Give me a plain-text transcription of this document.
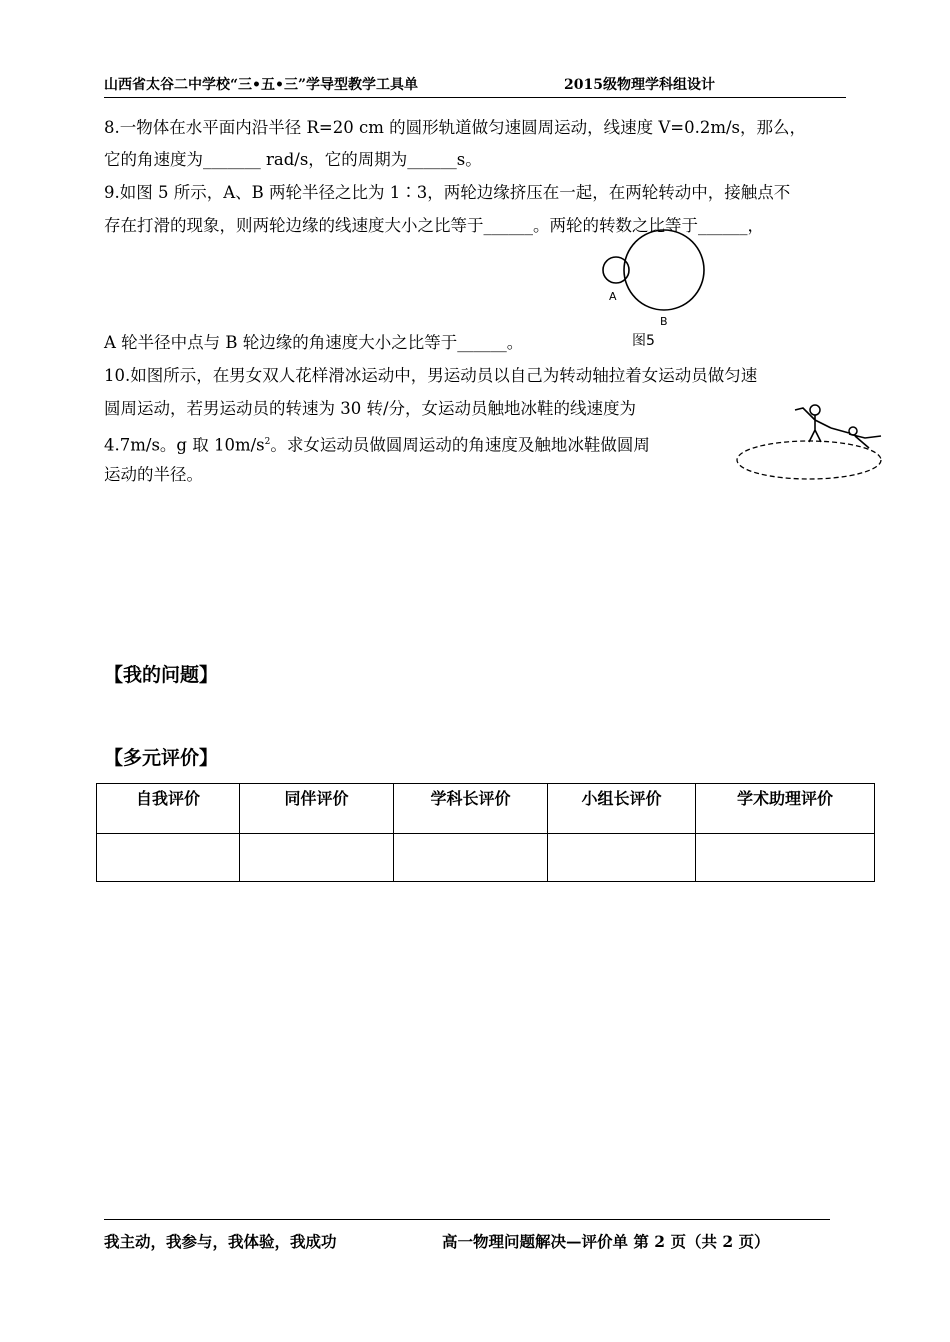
山西省太谷二中学校“三•五•三”学导型教学工具单	2015级物理学科组设计
8.一物体在水平面内沿半径 R=20 cm 的圆形轨道做匀速圆周运动，线速度 V=0.2m/s，那么，
它的角速度为_______ rad/s，它的周期为______s。
9.如图 5 所示，A、B 两轮半径之比为 1∶3，两轮边缘挤压在一起，在两轮转动中，接触点不
存在打滑的现象，则两轮边缘的线速度大小之比等于______。两轮的转数之比等于______，
A
B
图5
A 轮半径中点与 B 轮边缘的角速度大小之比等于______。
10.如图所示，在男女双人花样滑冰运动中，男运动员以自己为转动轴拉着女运动员做匀速
圆周运动，若男运动员的转速为 30 转/分，女运动员触地冰鞋的线速度为
4.7m/s。g 取 $10m/s^2$。求女运动员做圆周运动的角速度及触地冰鞋做圆周
运动的半径。
【我的问题】
【多元评价】
自我评价	同伴评价	学科长评价	小组长评价	学术助理评价

我主动，我参与，我体验，我成功	高一物理问题解决—评价单 第 2 页（共 2 页）
